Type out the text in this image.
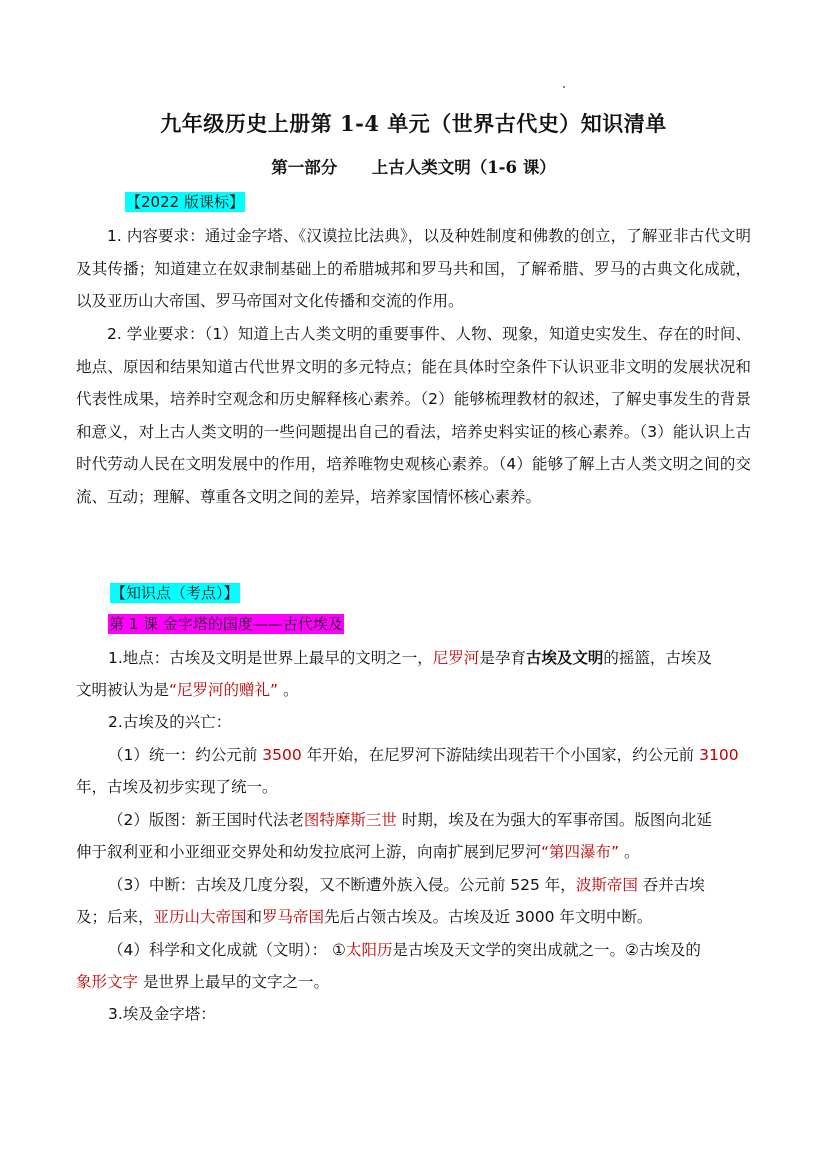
九年级历史上册第 1-4 单元（世界古代史）知识清单
第一部分      上古人类文明（1-6 课）
【2022 版课标】
1. 内容要求：通过金字塔、《汉谟拉比法典》，以及种姓制度和佛教的创立，了解亚非古代文明及其传播；知道建立在奴隶制基础上的希腊城邦和罗马共和国，了解希腊、罗马的古典文化成就，以及亚历山大帝国、罗马帝国对文化传播和交流的作用。
2. 学业要求：（1）知道上古人类文明的重要事件、人物、现象，知道史实发生、存在的时间、地点、原因和结果知道古代世界文明的多元特点；能在具体时空条件下认识亚非文明的发展状况和代表性成果，培养时空观念和历史解释核心素养。（2）能够梳理教材的叙述，了解史事发生的背景和意义，对上古人类文明的一些问题提出自己的看法，培养史料实证的核心素养。（3）能认识上古时代劳动人民在文明发展中的作用，培养唯物史观核心素养。（4）能够了解上古人类文明之间的交流、互动；理解、尊重各文明之间的差异，培养家国情怀核心素养。
【知识点（考点）】
第 1 课 金字塔的国度——古代埃及
1.地点：古埃及文明是世界上最早的文明之一，尼罗河是孕育古埃及文明的摇篮，古埃及
文明被认为是“尼罗河的赠礼” 。
2.古埃及的兴亡：
（1）统一：约公元前 3500 年开始，在尼罗河下游陆续出现若干个小国家，约公元前 3100
年，古埃及初步实现了统一。
（2）版图：新王国时代法老图特摩斯三世 时期，埃及在为强大的军事帝国。版图向北延
伸于叙利亚和小亚细亚交界处和幼发拉底河上游，向南扩展到尼罗河“第四瀑布” 。
（3）中断：古埃及几度分裂，又不断遭外族入侵。公元前 525 年，波斯帝国 吞并古埃
及；后来，亚历山大帝国和罗马帝国先后占领古埃及。古埃及近 3000 年文明中断。
（4）科学和文化成就（文明）： ①太阳历是古埃及天文学的突出成就之一。②古埃及的
象形文字 是世界上最早的文字之一。
3.埃及金字塔：
